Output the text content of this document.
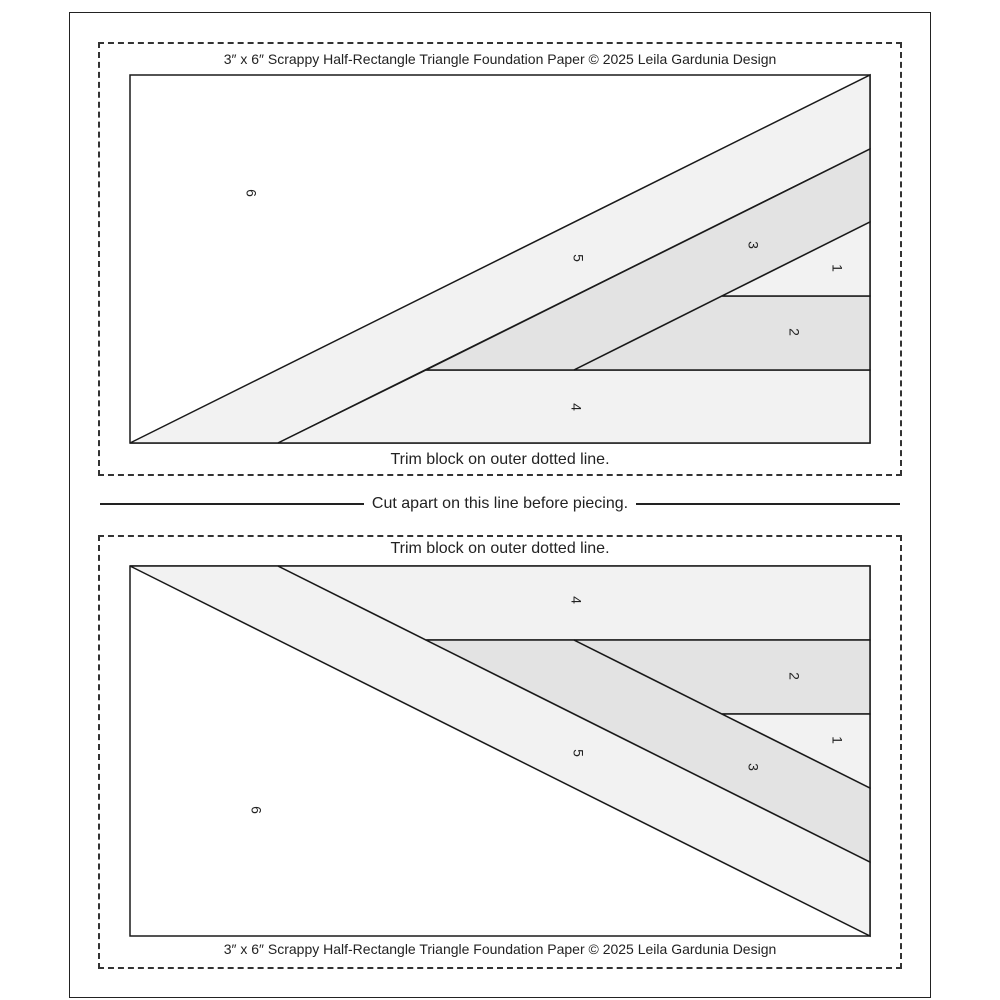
3″ x 6″ Scrappy Half-Rectangle Triangle Foundation Paper © 2025 Leila Gardunia Design
6
5
3
1
2
4
Trim block on outer dotted line.
Cut apart on this line before piecing.
Trim block on outer dotted line.
4
2
1
5
3
6
3″ x 6″ Scrappy Half-Rectangle Triangle Foundation Paper © 2025 Leila Gardunia Design
